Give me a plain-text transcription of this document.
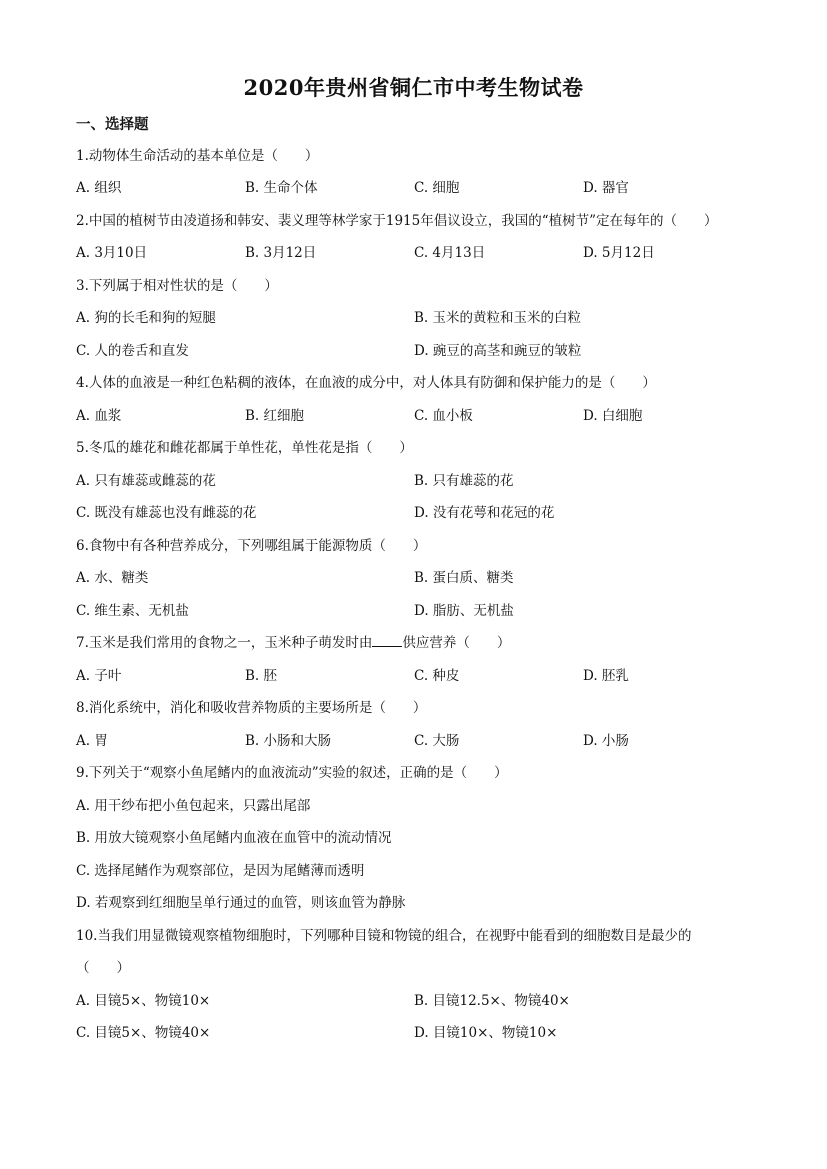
2020年贵州省铜仁市中考生物试卷
一、选择题
1.动物体生命活动的基本单位是（　　）
A. 组织	B. 生命个体	C. 细胞	D. 器官
2.中国的植树节由凌道扬和韩安、裴义理等林学家于1915年倡议设立，我国的“植树节”定在每年的（　　）
A. 3月10日	B. 3月12日	C. 4月13日	D. 5月12日
3.下列属于相对性状的是（　　）
A. 狗的长毛和狗的短腿	B. 玉米的黄粒和玉米的白粒
C. 人的卷舌和直发	D. 豌豆的高茎和豌豆的皱粒
4.人体的血液是一种红色粘稠的液体，在血液的成分中，对人体具有防御和保护能力的是（　　）
A. 血浆	B. 红细胞	C. 血小板	D. 白细胞
5.冬瓜的雄花和雌花都属于单性花，单性花是指（　　）
A. 只有雄蕊或雌蕊的花	B. 只有雄蕊的花
C. 既没有雄蕊也没有雌蕊的花	D. 没有花萼和花冠的花
6.食物中有各种营养成分，下列哪组属于能源物质（　　）
A. 水、糖类	B. 蛋白质、糖类
C. 维生素、无机盐	D. 脂肪、无机盐
7.玉米是我们常用的食物之一，玉米种子萌发时由 供应营养（　　）
A. 子叶	B. 胚	C. 种皮	D. 胚乳
8.消化系统中，消化和吸收营养物质的主要场所是（　　）
A. 胃	B. 小肠和大肠	C. 大肠	D. 小肠
9.下列关于“观察小鱼尾鳍内的血液流动”实验的叙述，正确的是（　　）
A. 用干纱布把小鱼包起来，只露出尾部
B. 用放大镜观察小鱼尾鳍内血液在血管中的流动情况
C. 选择尾鳍作为观察部位，是因为尾鳍薄而透明
D. 若观察到红细胞呈单行通过的血管，则该血管为静脉
10.当我们用显微镜观察植物细胞时，下列哪种目镜和物镜的组合，在视野中能看到的细胞数目是最少的
（　　）
A. 目镜5×、物镜10×	B. 目镜12.5×、物镜40×
C. 目镜5×、物镜40×	D. 目镜10×、物镜10×
